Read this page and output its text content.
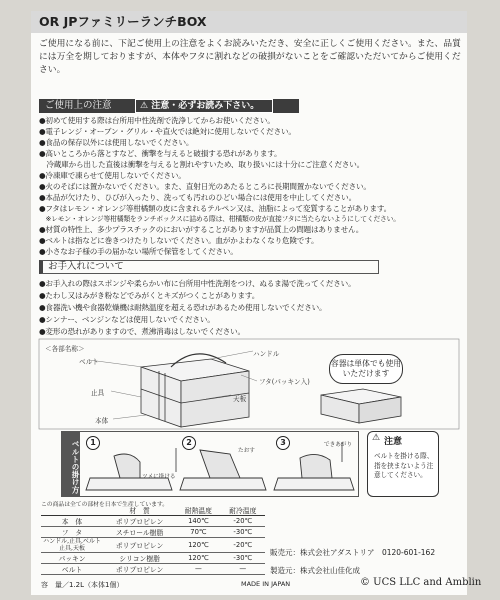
OR JPファミリーランチBOX
ご使用になる前に、下記ご使用上の注意をよくお読みいただき、安全に正しくご使用ください。また、品質には万全を期しておりますが、本体やフタに割れなどの破損がないことをご確認いただいてからご使用ください。
ご使用上の注意	⚠ 注意・必ずお読み下さい。
●初めて使用する際は台所用中性洗剤で洗浄してからお使いください。
●電子レンジ・オーブン・グリル・や直火では絶対に使用しないでください。
●食品の保存以外には使用しないでください。
●高いところから落とすなど、衝撃を与えると破損する恐れがあります。
　冷蔵庫から出した直後は衝撃を与えると割れやすいため、取り扱いには十分にご注意ください。
●冷凍庫で凍らせて使用しないでください。
●火のそばには置かないでください。また、直射日光のあたるところに長期間置かないでください。
●本品が欠けたり、ひびが入ったり、洗っても汚れのひどい場合には使用を中止してください。
●フタはレモン・オレンジ等柑橘類の皮に含まれるテルペン又は、油脂によって変質することがあります。
　※レモン・オレンジ等柑橘類をランチボックスに詰める際は、柑橘類の皮が直接フタに当たらないようにしてください。
●材質の特性上、多少プラスチックのにおいがすることがありますが品質上の問題はありません。
●ベルトは指などに巻きつけたりしないでください。血がかよわなくなり危険です。
●小さなお子様の手の届かない場所で保管をしてください。
お手入れについて
●お手入れの際はスポンジや柔らかい布に台所用中性洗剤をつけ、ぬるま湯で洗ってください。
●たわし又はみがき粉などでみがくとキズがつくことがあります。
●食器洗い機や食器乾燥機は耐熱温度を超える恐れがあるため使用しないでください。
●シンナー、ベンジンなどは使用しないでください。
●変形の恐れがありますので、煮沸消毒はしないでください。
＜各部名称＞
ベルト
ハンドル
フタ(パッキン入)
止具
天板
本体
容器は単体でも使用いただけます
ベルトの掛け方	1	2	3
ツメに掛ける
たおす
できあがり
⚠ 注意
ベルトを掛ける際、指を挟まないよう注意してください。
この商品は全ての部材を日本で生産しています。
	材　質	耐熱温度	耐冷温度
本　体	ポリプロピレン	140℃	-20℃
フ　タ	スチロール樹脂	70℃	-30℃
ハンドル,止具,ベルト止具,天板	ポリプロピレン	120℃	-20℃
パッキン	シリコン樹脂	120℃	-30℃
ベルト	ポリプロピレン	—	—
容　量／1.2L（本体1個）	MADE IN JAPAN
販売元：株式会社アダストリア　0120-601-162
製造元：株式会社山佳化成
© UCS LLC and Amblin
